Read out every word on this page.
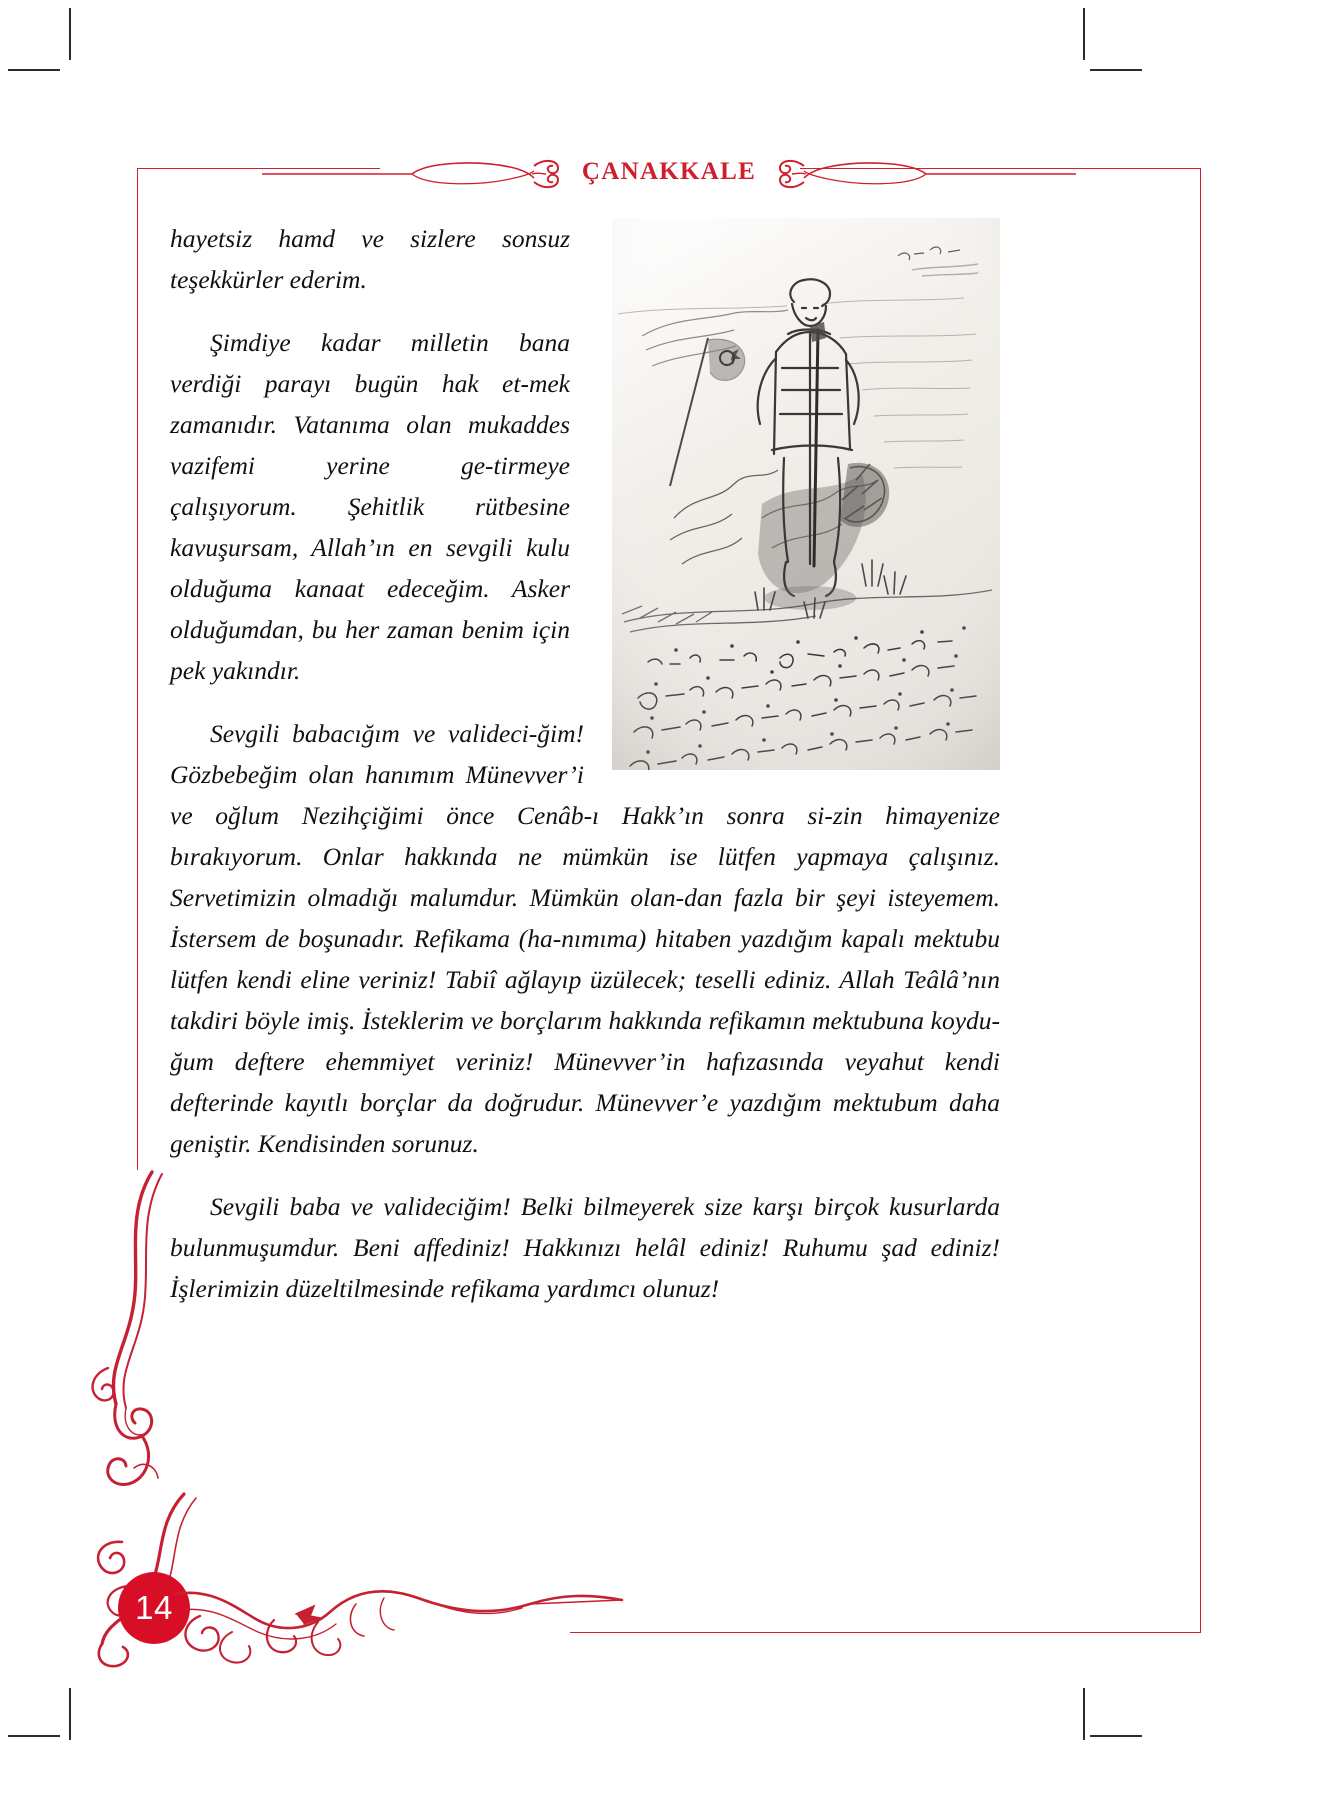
ÇANAKKALE

hayetsiz hamd ve sizlere sonsuz teşekkürler ederim.

Şimdiye kadar milletin bana verdiği parayı bugün hak et-mek zamanıdır. Vatanıma olan mukaddes vazifemi yerine ge-tirmeye çalışıyorum. Şehitlik rütbesine kavuşursam, Allah’ın en sevgili kulu olduğuma kanaat edeceğim. Asker olduğumdan, bu her zaman benim için pek yakındır.

Sevgili babacığım ve valideci-ğim! Gözbebeğim olan hanımım Münevver’i ve oğlum Nezihçiğimi önce Cenâb-ı Hakk’ın sonra si-zin himayenize bırakıyorum. Onlar hakkında ne mümkün ise lütfen yapmaya çalışınız. Servetimizin olmadığı malumdur. Mümkün olan-dan fazla bir şeyi isteyemem. İstersem de boşunadır. Refikama (ha-nımıma) hitaben yazdığım kapalı mektubu lütfen kendi eline veriniz! Tabiî ağlayıp üzülecek; teselli ediniz. Allah Teâlâ’nın takdiri böyle imiş. İsteklerim ve borçlarım hakkında refikamın mektubuna koydu-ğum deftere ehemmiyet veriniz! Münevver’in hafızasında veyahut kendi defterinde kayıtlı borçlar da doğrudur. Münevver’e yazdığım mektubum daha geniştir. Kendisinden sorunuz.

Sevgili baba ve valideciğim! Belki bilmeyerek size karşı birçok kusurlarda bulunmuşumdur. Beni affediniz! Hakkınızı helâl ediniz! Ruhumu şad ediniz! İşlerimizin düzeltilmesinde refikama yardımcı olunuz!

14
